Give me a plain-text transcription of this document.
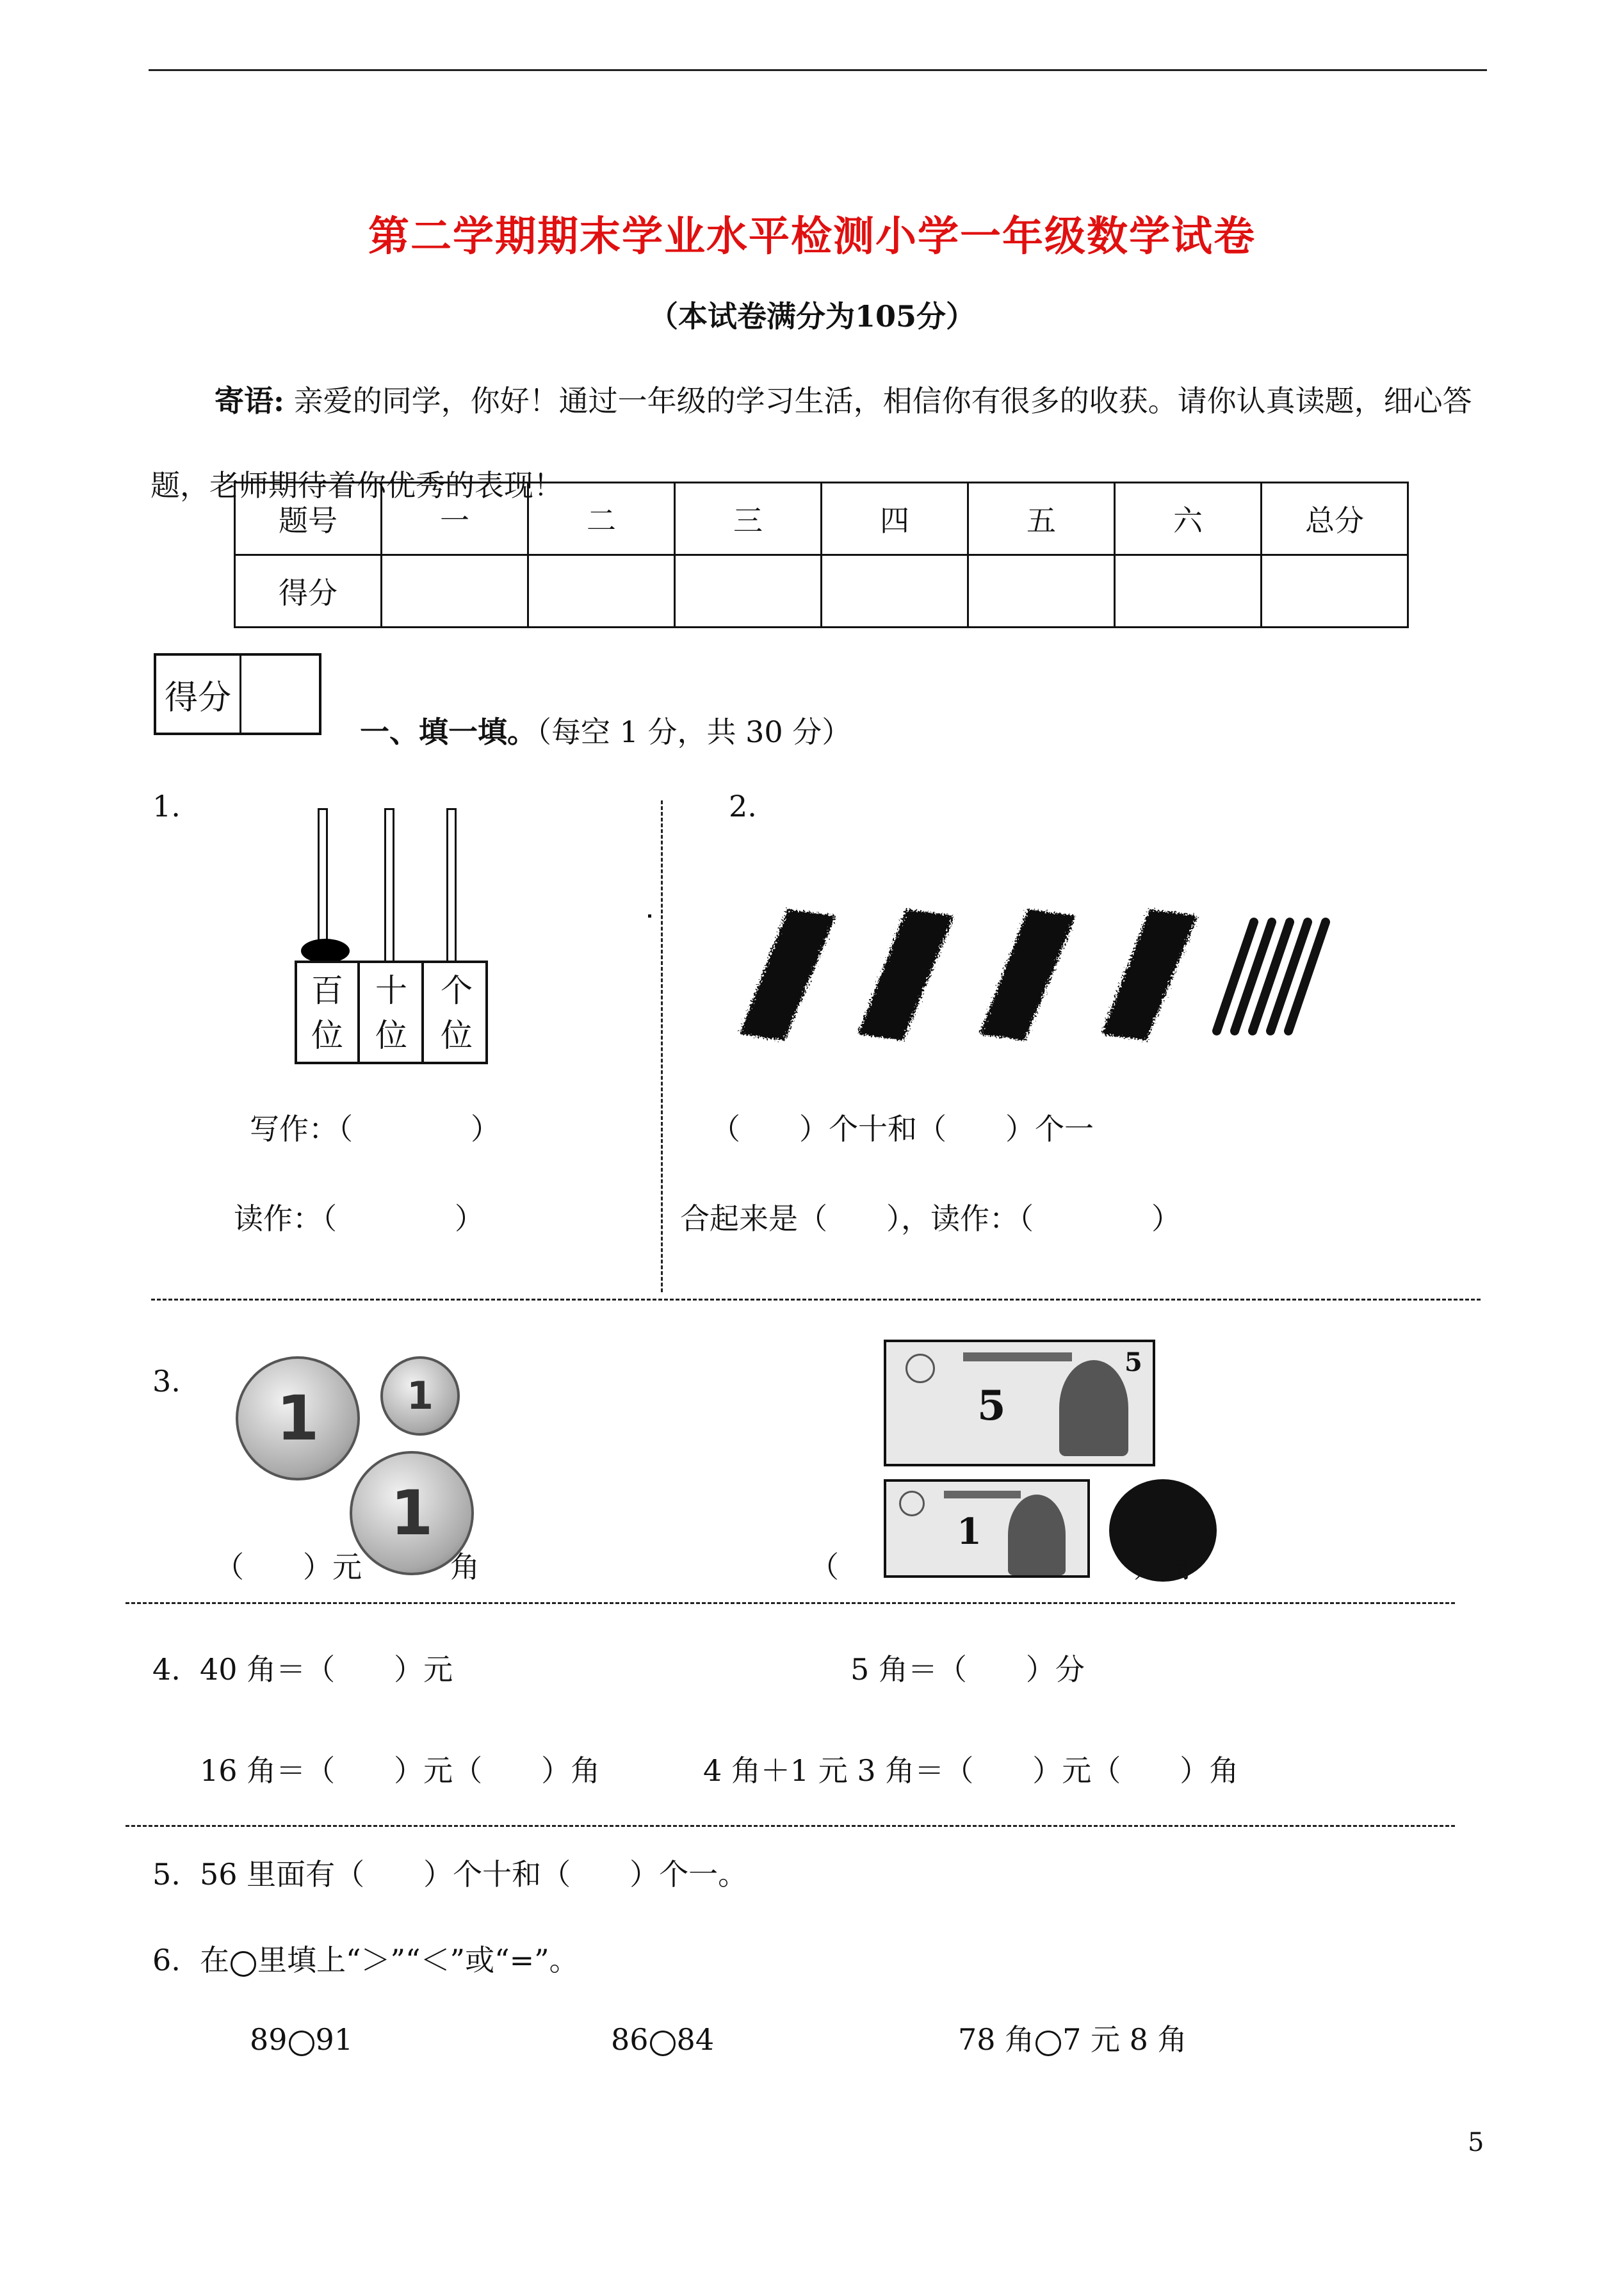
第二学期期末学业水平检测小学一年级数学试卷
（本试卷满分为105分）
寄语: 亲爱的同学，你好！通过一年级的学习生活，相信你有很多的收获。请你认真读题，细心答题，老师期待着你优秀的表现！
题号	一	二	三	四	五	六	总分
得分							
得分
一、填一填。（每空 1 分，共 30 分）
1.
百
位
十
位
个
位
写作：（　　　　）
读作：（　　　　）
2.
（　　）个十和（　　）个一
合起来是（　　），读作：（　　　　）
3.
1	1
1
（　　）元　　　角
5
5
1
（　　　　　　　　　　）角
4. 40 角＝（　　）元	5 角＝（　　）分
16 角＝（　　）元（　　）角	4 角＋1 元 3 角＝（　　）元（　　）角
5. 56 里面有（　　）个十和（　　）个一。
6. 在 里填上“＞”“＜”或“=”。
89 91	86 84	78 角 7 元 8 角
5
